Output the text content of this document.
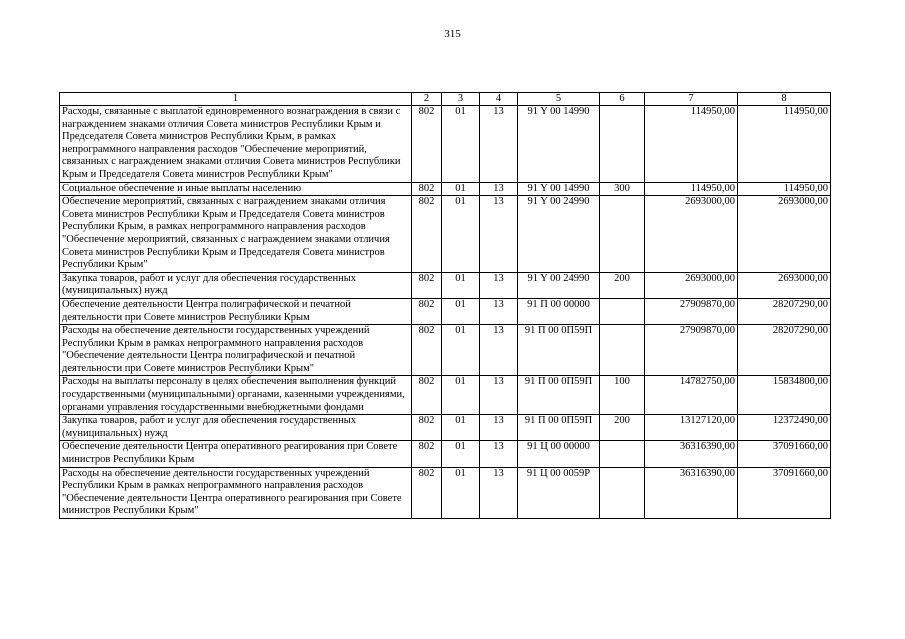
315
1	2	3	4	5	6	7	8
Расходы, связанные с выплатой единовременного вознаграждения в связи с награждением знаками отличия Совета министров Республики Крым и Председателя Совета министров Республики Крым, в рамках непрограммного направления расходов "Обеспечение мероприятий, связанных с награждением знаками отличия Совета министров Республики Крым и Председателя Совета министров Республики Крым"	802	01	13	91 Y 00 14990		114950,00	114950,00
Социальное обеспечение и иные выплаты населению	802	01	13	91 Y 00 14990	300	114950,00	114950,00
Обеспечение мероприятий, связанных с награждением знаками отличия Совета министров Республики Крым и Председателя Совета министров Республики Крым, в рамках непрограммного направления расходов "Обеспечение мероприятий, связанных с награждением знаками отличия Совета министров Республики Крым и Председателя Совета министров Республики Крым"	802	01	13	91 Y 00 24990		2693000,00	2693000,00
Закупка товаров, работ и услуг для обеспечения государственных (муниципальных) нужд	802	01	13	91 Y 00 24990	200	2693000,00	2693000,00
Обеспечение деятельности Центра полиграфической и печатной деятельности при Совете министров Республики Крым	802	01	13	91 П 00 00000		27909870,00	28207290,00
Расходы на обеспечение деятельности государственных учреждений Республики Крым в рамках непрограммного направления расходов "Обеспечение деятельности Центра полиграфической и печатной деятельности при Совете министров Республики Крым"	802	01	13	91 П 00 0П59П		27909870,00	28207290,00
Расходы на выплаты персоналу в целях обеспечения выполнения функций государственными (муниципальными) органами, казенными учреждениями, органами управления государственными внебюджетными фондами	802	01	13	91 П 00 0П59П	100	14782750,00	15834800,00
Закупка товаров, работ и услуг для обеспечения государственных (муниципальных) нужд	802	01	13	91 П 00 0П59П	200	13127120,00	12372490,00
Обеспечение деятельности Центра оперативного реагирования при Совете министров Республики Крым	802	01	13	91 Ц 00 00000		36316390,00	37091660,00
Расходы на обеспечение деятельности государственных учреждений Республики Крым в рамках непрограммного направления расходов "Обеспечение деятельности Центра оперативного реагирования при Совете министров Республики Крым"	802	01	13	91 Ц 00 0059Р		36316390,00	37091660,00
